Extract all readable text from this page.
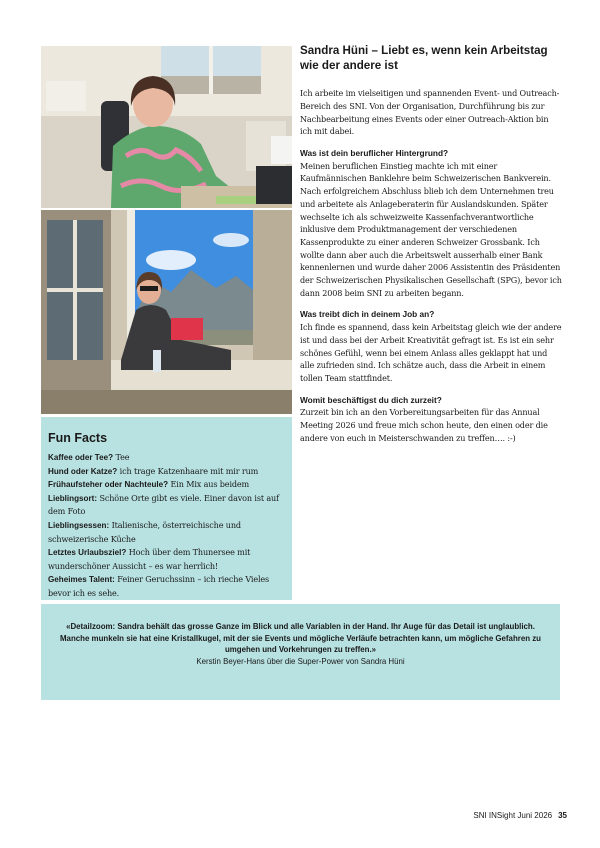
Fun Facts
Kaffee oder Tee? Tee
Hund oder Katze? ich trage Katzenhaare mit mir rum
Frühaufsteher oder Nachteule? Ein Mix aus beidem
Lieblingsort: Schöne Orte gibt es viele. Einer davon ist auf dem Foto
Lieblingsessen: Italienische, österreichische und schweizerische Küche
Letztes Urlaubsziel? Hoch über dem Thunersee mit wunderschöner Aussicht – es war herrlich!
Geheimes Talent: Feiner Geruchssinn – ich rieche Vieles bevor ich es sehe.
Sandra Hüni – Liebt es, wenn kein Arbeitstag wie der andere ist

Ich arbeite im vielseitigen und spannenden Event- und Outreach-Bereich des SNI. Von der Organisation, Durchführung bis zur Nachbearbeitung eines Events oder einer Outreach-Aktion bin ich mit dabei.

Was ist dein beruflicher Hintergrund?

Meinen beruflichen Einstieg machte ich mit einer Kaufmännischen Banklehre beim Schweizerischen Bankverein. Nach erfolgreichem Abschluss blieb ich dem Unternehmen treu und arbeitete als Anlageberaterin für Auslandskunden. Später wechselte ich als schweizweite Kassenfachverantwortliche inklusive dem Produktmanagement der verschiedenen Kassenprodukte zu einer anderen Schweizer Grossbank. Ich wollte dann aber auch die Arbeitswelt ausserhalb einer Bank kennenlernen und wurde daher 2006 Assistentin des Präsidenten der Schweizerischen Physikalischen Gesellschaft (SPG), bevor ich dann 2008 beim SNI zu arbeiten begann.

Was treibt dich in deinem Job an?

Ich finde es spannend, dass kein Arbeitstag gleich wie der andere ist und dass bei der Arbeit Kreativität gefragt ist. Es ist ein sehr schönes Gefühl, wenn bei einem Anlass alles geklappt hat und alle zufrieden sind. Ich schätze auch, dass die Arbeit in einem tollen Team stattfindet.

Womit beschäftigst du dich zurzeit?

Zurzeit bin ich an den Vorbereitungsarbeiten für das Annual Meeting 2026 und freue mich schon heute, den einen oder die andere von euch in Meisterschwanden zu treffen…. :-)

«Detailzoom: Sandra behält das grosse Ganze im Blick und alle Variablen in der Hand. Ihr Auge für das Detail ist unglaublich. Manche munkeln sie hat eine Kristallkugel, mit der sie Events und mögliche Verläufe betrachten kann, um mögliche Gefahren zu umgehen und Vorkehrungen zu treffen.»
Kerstin Beyer-Hans über die Super-Power von Sandra Hüni
SNI INSight Juni 2026 35
